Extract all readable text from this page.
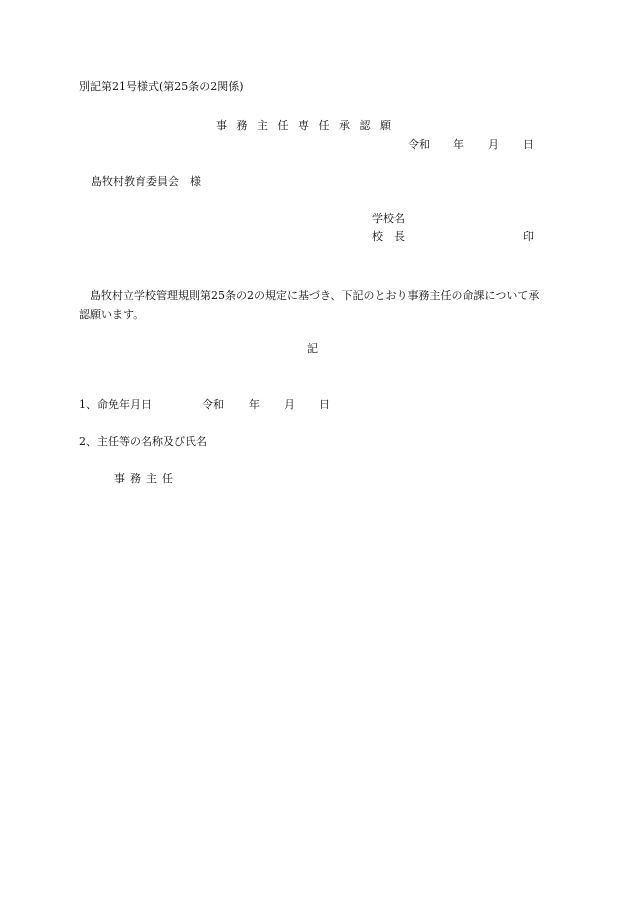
別記第21号様式(第25条の2関係)
事務主任専任承認願
令和 年 月 日
島牧村教育委員会　様
学校名
校　長	印
島牧村立学校管理規則第25条の2の規定に基づき、下記のとおり事務主任の命課について承認願います。
記
1、命免年月日	令和 年 月 日
2、主任等の名称及び氏名
事務主任
